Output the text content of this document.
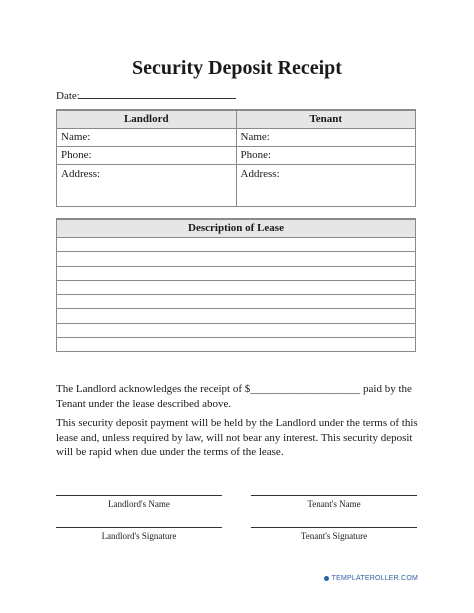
Security Deposit Receipt
Date:
Landlord	Tenant
Name:	Name:
Phone:	Phone:
Address:	Address:
Description of Lease

The Landlord acknowledges the receipt of $____________________ paid by the Tenant under the lease described above.

This security deposit payment will be held by the Landlord under the terms of this lease and, unless required by law, will not bear any interest. This security deposit will be rapid when due under the terms of the lease.

Landlord's Name	Tenant's Name
Landlord's Signature	Tenant's Signature
TEMPLATEROLLER.COM
